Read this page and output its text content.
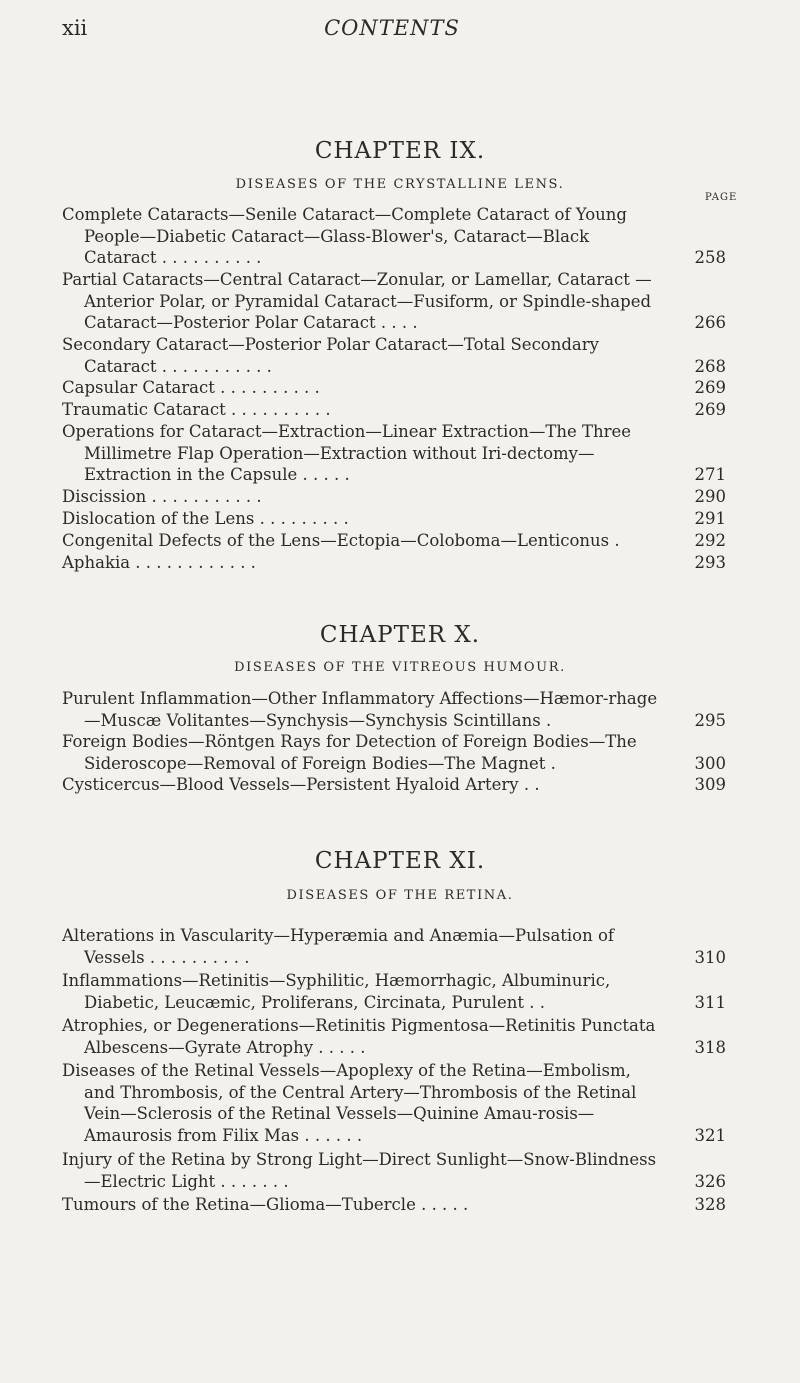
xii	CONTENTS
CHAPTER IX.
DISEASES OF THE CRYSTALLINE LENS.
PAGE
Complete Cataracts—Senile Cataract—Complete Cataract of Young People—Diabetic Cataract—Glass-Blower's, Cataract—Black Cataract . . . . . . . . . .	258
Partial Cataracts—Central Cataract—Zonular, or Lamellar, Cataract —Anterior Polar, or Pyramidal Cataract—Fusiform, or Spindle-shaped Cataract—Posterior Polar Cataract . . . .	266
Secondary Cataract—Posterior Polar Cataract—Total Secondary Cataract . . . . . . . . . . .	268
Capsular Cataract . . . . . . . . . .	269
Traumatic Cataract . . . . . . . . . .	269
Operations for Cataract—Extraction—Linear Extraction—The Three Millimetre Flap Operation—Extraction without Iri-dectomy—Extraction in the Capsule . . . . .	271
Discission . . . . . . . . . . .	290
Dislocation of the Lens . . . . . . . . .	291
Congenital Defects of the Lens—Ectopia—Coloboma—Lenticonus .	292
Aphakia . . . . . . . . . . . .	293
CHAPTER X.
DISEASES OF THE VITREOUS HUMOUR.
Purulent Inflammation—Other Inflammatory Affections—Hæmor-rhage—Muscæ Volitantes—Synchysis—Synchysis Scintillans .	295
Foreign Bodies—Röntgen Rays for Detection of Foreign Bodies—The Sideroscope—Removal of Foreign Bodies—The Magnet .	300
Cysticercus—Blood Vessels—Persistent Hyaloid Artery . .	309
CHAPTER XI.
DISEASES OF THE RETINA.
Alterations in Vascularity—Hyperæmia and Anæmia—Pulsation of Vessels . . . . . . . . . .	310
Inflammations—Retinitis—Syphilitic, Hæmorrhagic, Albuminuric, Diabetic, Leucæmic, Proliferans, Circinata, Purulent . .	311
Atrophies, or Degenerations—Retinitis Pigmentosa—Retinitis Punctata Albescens—Gyrate Atrophy . . . . .	318
Diseases of the Retinal Vessels—Apoplexy of the Retina—Embolism, and Thrombosis, of the Central Artery—Thrombosis of the Retinal Vein—Sclerosis of the Retinal Vessels—Quinine Amau-rosis—Amaurosis from Filix Mas . . . . . .	321
Injury of the Retina by Strong Light—Direct Sunlight—Snow-Blindness—Electric Light . . . . . . .	326
Tumours of the Retina—Glioma—Tubercle . . . . .	328
